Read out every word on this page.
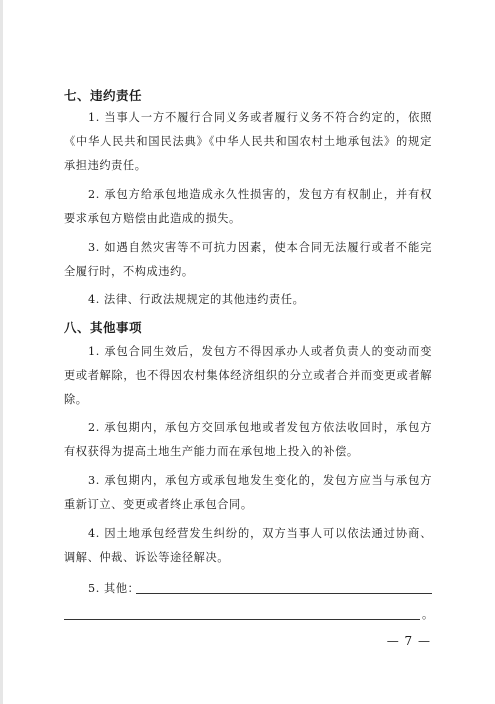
七、违约责任
1. 当事人一方不履行合同义务或者履行义务不符合约定的，依照《中华人民共和国民法典》《中华人民共和国农村土地承包法》的规定承担违约责任。
2. 承包方给承包地造成永久性损害的，发包方有权制止，并有权要求承包方赔偿由此造成的损失。
3. 如遇自然灾害等不可抗力因素，使本合同无法履行或者不能完全履行时，不构成违约。
4. 法律、行政法规规定的其他违约责任。
八、其他事项
1. 承包合同生效后，发包方不得因承办人或者负责人的变动而变更或者解除，也不得因农村集体经济组织的分立或者合并而变更或者解除。
2. 承包期内，承包方交回承包地或者发包方依法收回时，承包方有权获得为提高土地生产能力而在承包地上投入的补偿。
3. 承包期内，承包方或承包地发生变化的，发包方应当与承包方重新订立、变更或者终止承包合同。
4. 因土地承包经营发生纠纷的，双方当事人可以依法通过协商、调解、仲裁、诉讼等途径解决。
5. 其他：
。
— 7 —
